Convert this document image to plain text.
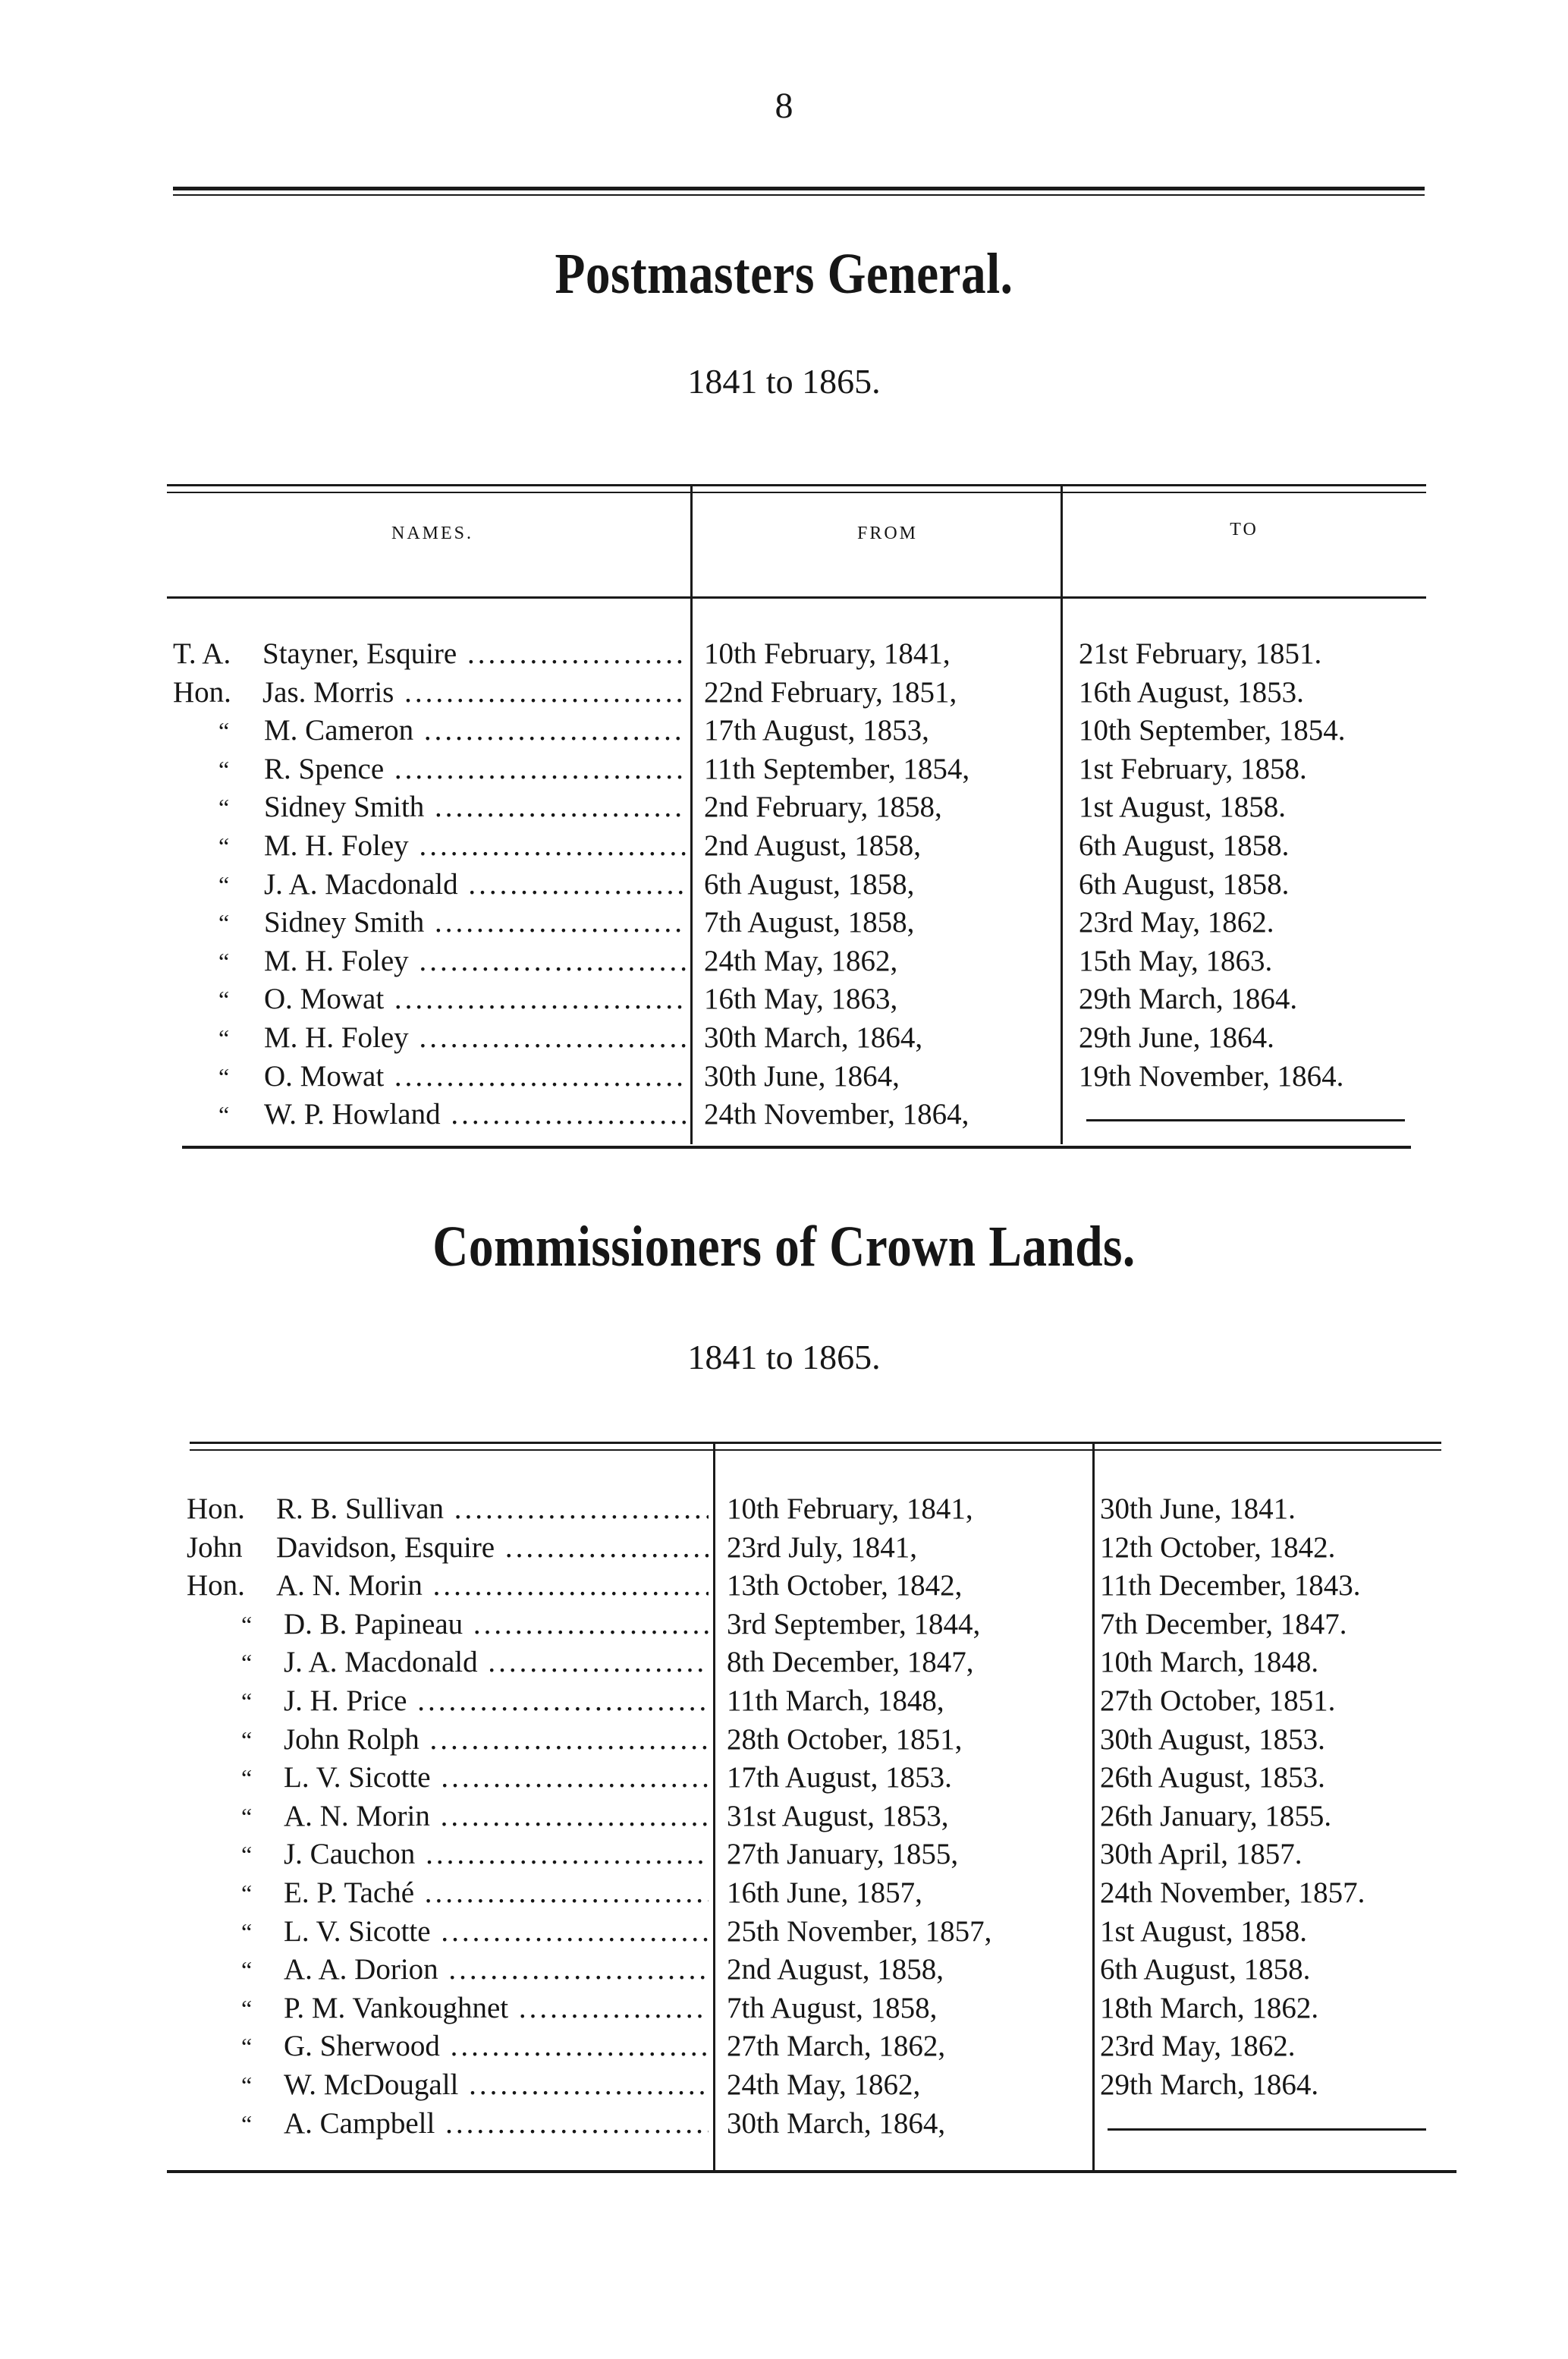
8
Postmasters General.
1841 to 1865.
NAMES.	FROM	TO
T. A. Stayner, Esquire .....	10th February, 1841,	21st February, 1851.
Hon. Jas. Morris .....	22nd February, 1851,	16th August, 1853.
“ M. Cameron .....	17th August, 1853,	10th September, 1854.
“ R. Spence .....	11th September, 1854,	1st February, 1858.
“ Sidney Smith .....	2nd February, 1858,	1st August, 1858.
“ M. H. Foley .....	2nd August, 1858,	6th August, 1858.
“ J. A. Macdonald .....	6th August, 1858,	6th August, 1858.
“ Sidney Smith .....	7th August, 1858,	23rd May, 1862.
“ M. H. Foley .....	24th May, 1862,	15th May, 1863.
“ O. Mowat .....	16th May, 1863,	29th March, 1864.
“ M. H. Foley .....	30th March, 1864,	29th June, 1864.
“ O. Mowat .....	30th June, 1864,	19th November, 1864.
“ W. P. Howland .....	24th November, 1864,
Commissioners of Crown Lands.
1841 to 1865.
Hon. R. B. Sullivan .....	10th February, 1841,	30th June, 1841.
John Davidson, Esquire .....	23rd July, 1841,	12th October, 1842.
Hon. A. N. Morin .....	13th October, 1842,	11th December, 1843.
“ D. B. Papineau .....	3rd September, 1844,	7th December, 1847.
“ J. A. Macdonald .....	8th December, 1847,	10th March, 1848.
“ J. H. Price .....	11th March, 1848,	27th October, 1851.
“ John Rolph .....	28th October, 1851,	30th August, 1853.
“ L. V. Sicotte .....	17th August, 1853.	26th August, 1853.
“ A. N. Morin .....	31st August, 1853,	26th January, 1855.
“ J. Cauchon .....	27th January, 1855,	30th April, 1857.
“ E. P. Taché .....	16th June, 1857,	24th November, 1857.
“ L. V. Sicotte .....	25th November, 1857,	1st August, 1858.
“ A. A. Dorion .....	2nd August, 1858,	6th August, 1858.
“ P. M. Vankoughnet .....	7th August, 1858,	18th March, 1862.
“ G. Sherwood .....	27th March, 1862,	23rd May, 1862.
“ W. McDougall .....	24th May, 1862,	29th March, 1864.
“ A. Campbell .....	30th March, 1864,
